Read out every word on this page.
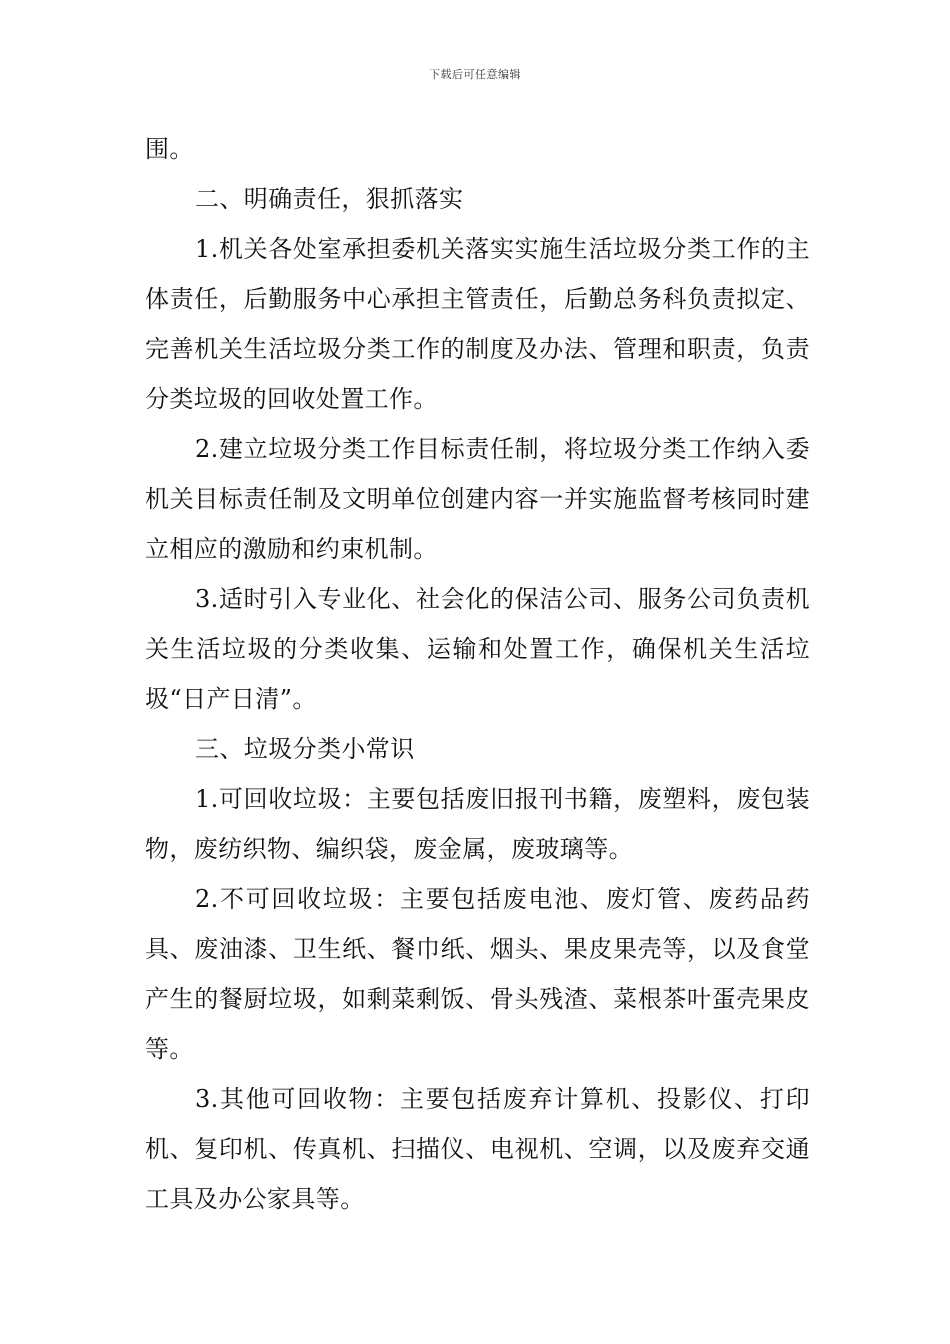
下载后可任意编辑

围。

二、明确责任，狠抓落实

1.机关各处室承担委机关落实实施生活垃圾分类工作的主体责任，后勤服务中心承担主管责任，后勤总务科负责拟定、完善机关生活垃圾分类工作的制度及办法、管理和职责，负责分类垃圾的回收处置工作。

2.建立垃圾分类工作目标责任制，将垃圾分类工作纳入委机关目标责任制及文明单位创建内容一并实施监督考核同时建立相应的激励和约束机制。

3.适时引入专业化、社会化的保洁公司、服务公司负责机关生活垃圾的分类收集、运输和处置工作，确保机关生活垃圾“日产日清”。

三、垃圾分类小常识

1.可回收垃圾：主要包括废旧报刊书籍，废塑料，废包装物，废纺织物、编织袋，废金属，废玻璃等。

2.不可回收垃圾：主要包括废电池、废灯管、废药品药具、废油漆、卫生纸、餐巾纸、烟头、果皮果壳等，以及食堂产生的餐厨垃圾，如剩菜剩饭、骨头残渣、菜根茶叶蛋壳果皮等。

3.其他可回收物：主要包括废弃计算机、投影仪、打印机、复印机、传真机、扫描仪、电视机、空调，以及废弃交通工具及办公家具等。
